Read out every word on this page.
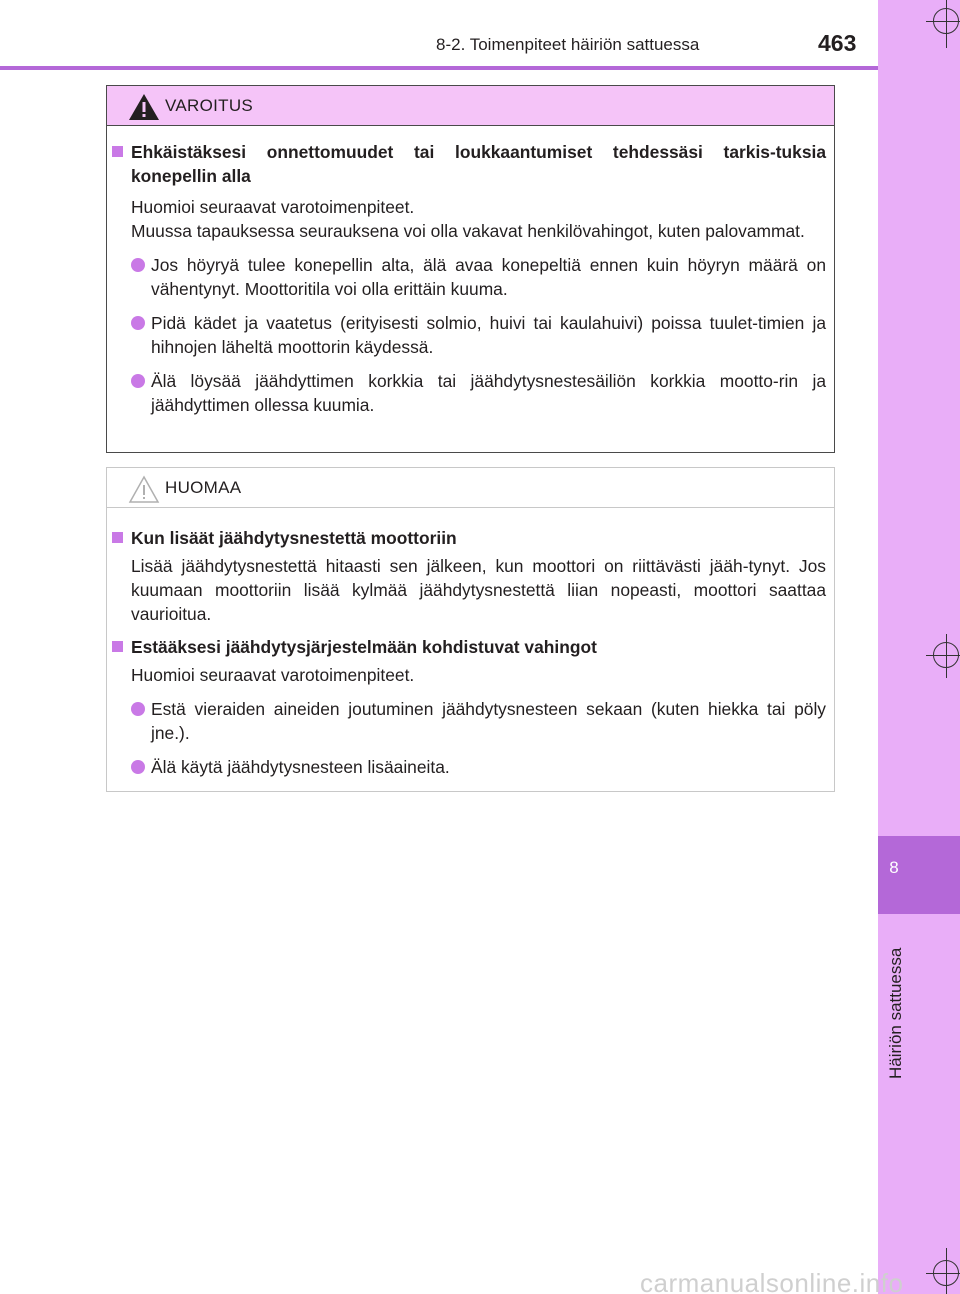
8
Häiriön sattuessa
8-2. Toimenpiteet häiriön sattuessa	463
VAROITUS
Ehkäistäksesi onnettomuudet tai loukkaantumiset tehdessäsi tarkis-tuksia konepellin alla
Huomioi seuraavat varotoimenpiteet.
Muussa tapauksessa seurauksena voi olla vakavat henkilövahingot, kuten palovammat.
Jos höyryä tulee konepellin alta, älä avaa konepeltiä ennen kuin höyryn määrä on vähentynyt. Moottoritila voi olla erittäin kuuma.
Pidä kädet ja vaatetus (erityisesti solmio, huivi tai kaulahuivi) poissa tuulet-timien ja hihnojen läheltä moottorin käydessä.
Älä löysää jäähdyttimen korkkia tai jäähdytysnestesäiliön korkkia mootto-rin ja jäähdyttimen ollessa kuumia.
HUOMAA
Kun lisäät jäähdytysnestettä moottoriin
Lisää jäähdytysnestettä hitaasti sen jälkeen, kun moottori on riittävästi jääh-tynyt. Jos kuumaan moottoriin lisää kylmää jäähdytysnestettä liian nopeasti, moottori saattaa vaurioitua.
Estääksesi jäähdytysjärjestelmään kohdistuvat vahingot
Huomioi seuraavat varotoimenpiteet.
Estä vieraiden aineiden joutuminen jäähdytysnesteen sekaan (kuten hiekka tai pöly jne.).
Älä käytä jäähdytysnesteen lisäaineita.
carmanualsonline.info
